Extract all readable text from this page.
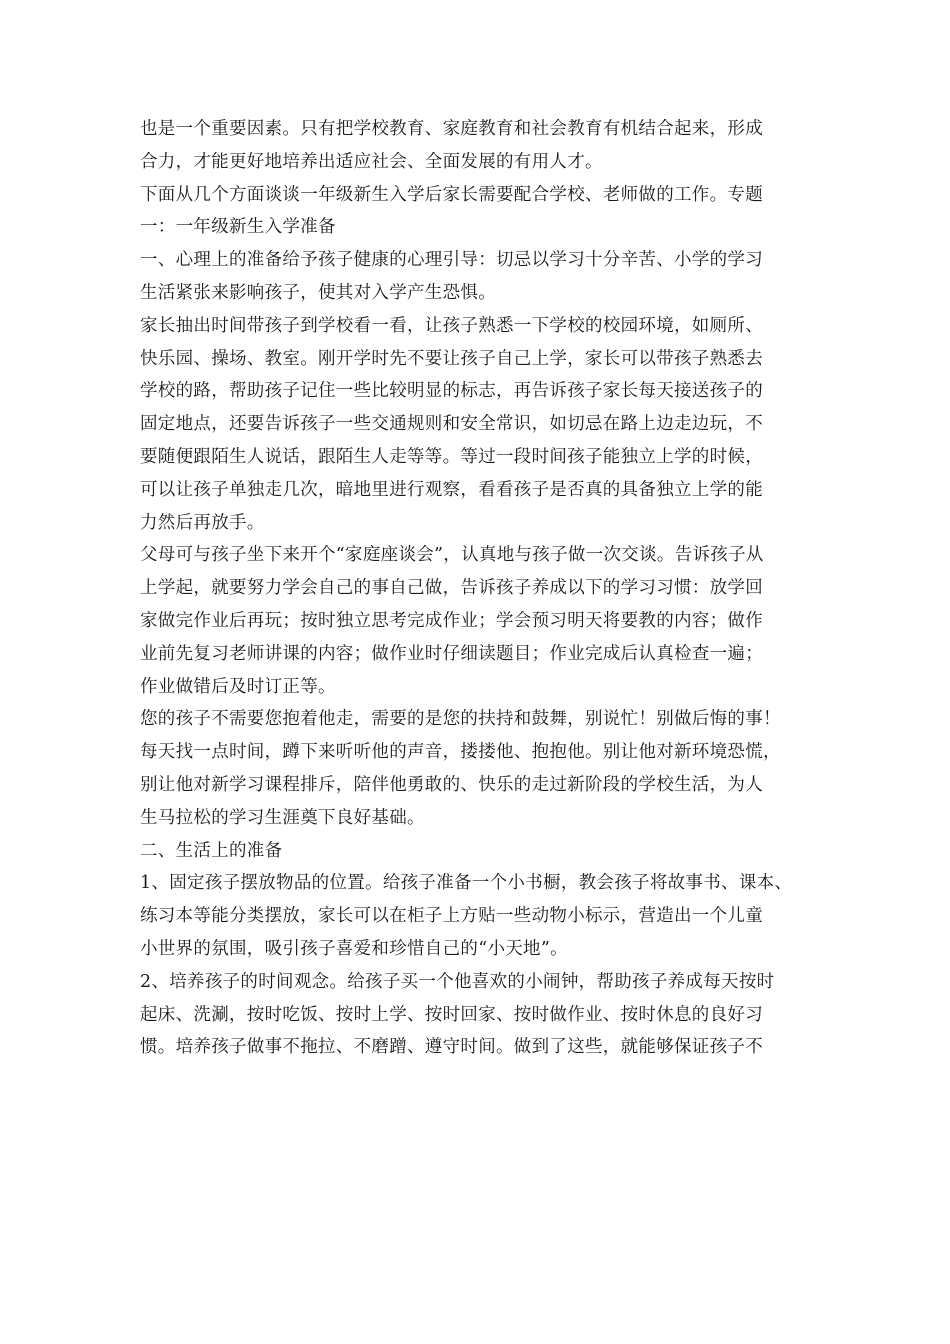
也是一个重要因素。只有把学校教育、家庭教育和社会教育有机结合起来，形成
合力，才能更好地培养出适应社会、全面发展的有用人才。
下面从几个方面谈谈一年级新生入学后家长需要配合学校、老师做的工作。专题
一：一年级新生入学准备
一、心理上的准备给予孩子健康的心理引导：切忌以学习十分辛苦、小学的学习
生活紧张来影响孩子，使其对入学产生恐惧。
家长抽出时间带孩子到学校看一看，让孩子熟悉一下学校的校园环境，如厕所、
快乐园、操场、教室。刚开学时先不要让孩子自己上学，家长可以带孩子熟悉去
学校的路，帮助孩子记住一些比较明显的标志，再告诉孩子家长每天接送孩子的
固定地点，还要告诉孩子一些交通规则和安全常识，如切忌在路上边走边玩，不
要随便跟陌生人说话，跟陌生人走等等。等过一段时间孩子能独立上学的时候，
可以让孩子单独走几次，暗地里进行观察，看看孩子是否真的具备独立上学的能
力然后再放手。
父母可与孩子坐下来开个“家庭座谈会”，认真地与孩子做一次交谈。告诉孩子从
上学起，就要努力学会自己的事自己做，告诉孩子养成以下的学习习惯：放学回
家做完作业后再玩；按时独立思考完成作业；学会预习明天将要教的内容；做作
业前先复习老师讲课的内容；做作业时仔细读题目；作业完成后认真检查一遍；
作业做错后及时订正等。
您的孩子不需要您抱着他走，需要的是您的扶持和鼓舞，别说忙！别做后悔的事！
每天找一点时间，蹲下来听听他的声音，搂搂他、抱抱他。别让他对新环境恐慌，
别让他对新学习课程排斥，陪伴他勇敢的、快乐的走过新阶段的学校生活，为人
生马拉松的学习生涯奠下良好基础。
二、生活上的准备
1、固定孩子摆放物品的位置。给孩子准备一个小书橱，教会孩子将故事书、课本、
练习本等能分类摆放，家长可以在柜子上方贴一些动物小标示，营造出一个儿童
小世界的氛围，吸引孩子喜爱和珍惜自己的“小天地”。
2、培养孩子的时间观念。给孩子买一个他喜欢的小闹钟，帮助孩子养成每天按时
起床、洗涮，按时吃饭、按时上学、按时回家、按时做作业、按时休息的良好习
惯。培养孩子做事不拖拉、不磨蹭、遵守时间。做到了这些，就能够保证孩子不
